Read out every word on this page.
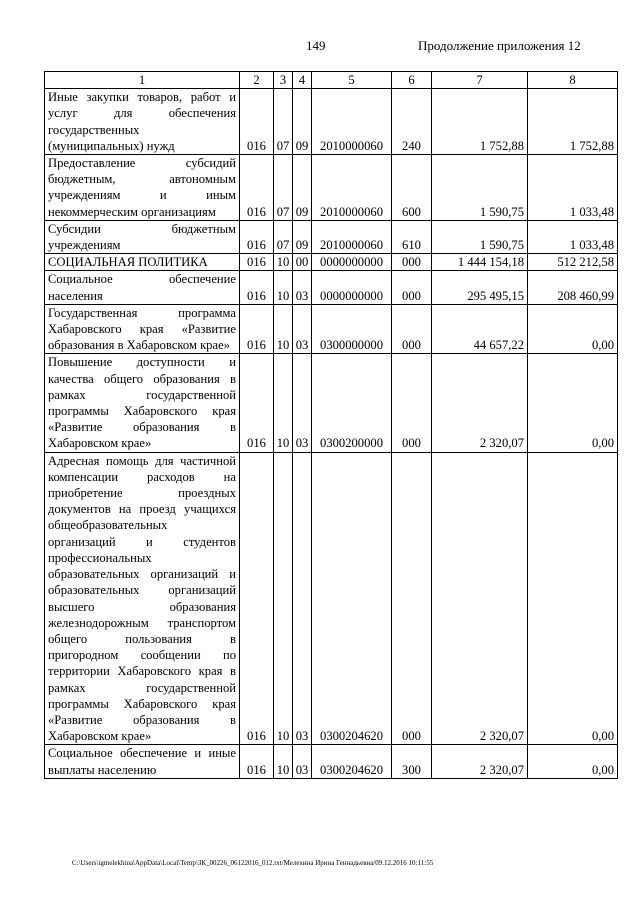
149	Продолжение приложения 12
1	2	3	4	5	6	7	8
Иные закупки товаров, работ и услуг для обеспечения государственных (муниципальных) нужд	016	07	09	2010000060	240	1 752,88	1 752,88
Предоставление субсидий бюджетным, автономным учреждениям и иным некоммерческим организациям	016	07	09	2010000060	600	1 590,75	1 033,48
Субсидии бюджетным учреждениям	016	07	09	2010000060	610	1 590,75	1 033,48
СОЦИАЛЬНАЯ ПОЛИТИКА	016	10	00	0000000000	000	1 444 154,18	512 212,58
Социальное обеспечение населения	016	10	03	0000000000	000	295 495,15	208 460,99
Государственная программа Хабаровского края «Развитие образования в Хабаровском крае»	016	10	03	0300000000	000	44 657,22	0,00
Повышение доступности и качества общего образования в рамках государственной программы Хабаровского края «Развитие образования в Хабаровском крае»	016	10	03	0300200000	000	2 320,07	0,00
Адресная помощь для частичной компенсации расходов на приобретение проездных документов на проезд учащихся общеобразовательных организаций и студентов профессиональных образовательных организаций и образовательных организаций высшего образования железнодорожным транспортом общего пользования в пригородном сообщении по территории Хабаровского края в рамках государственной программы Хабаровского края «Развитие образования в Хабаровском крае»	016	10	03	0300204620	000	2 320,07	0,00
Социальное обеспечение и иные выплаты населению	016	10	03	0300204620	300	2 320,07	0,00
C:\Users\igmelekhina\AppData\Local\Temp\ЗК_00226_06122016_012.txt/Мелехина Ирина Геннадьевна/09.12.2016 10:11:55
